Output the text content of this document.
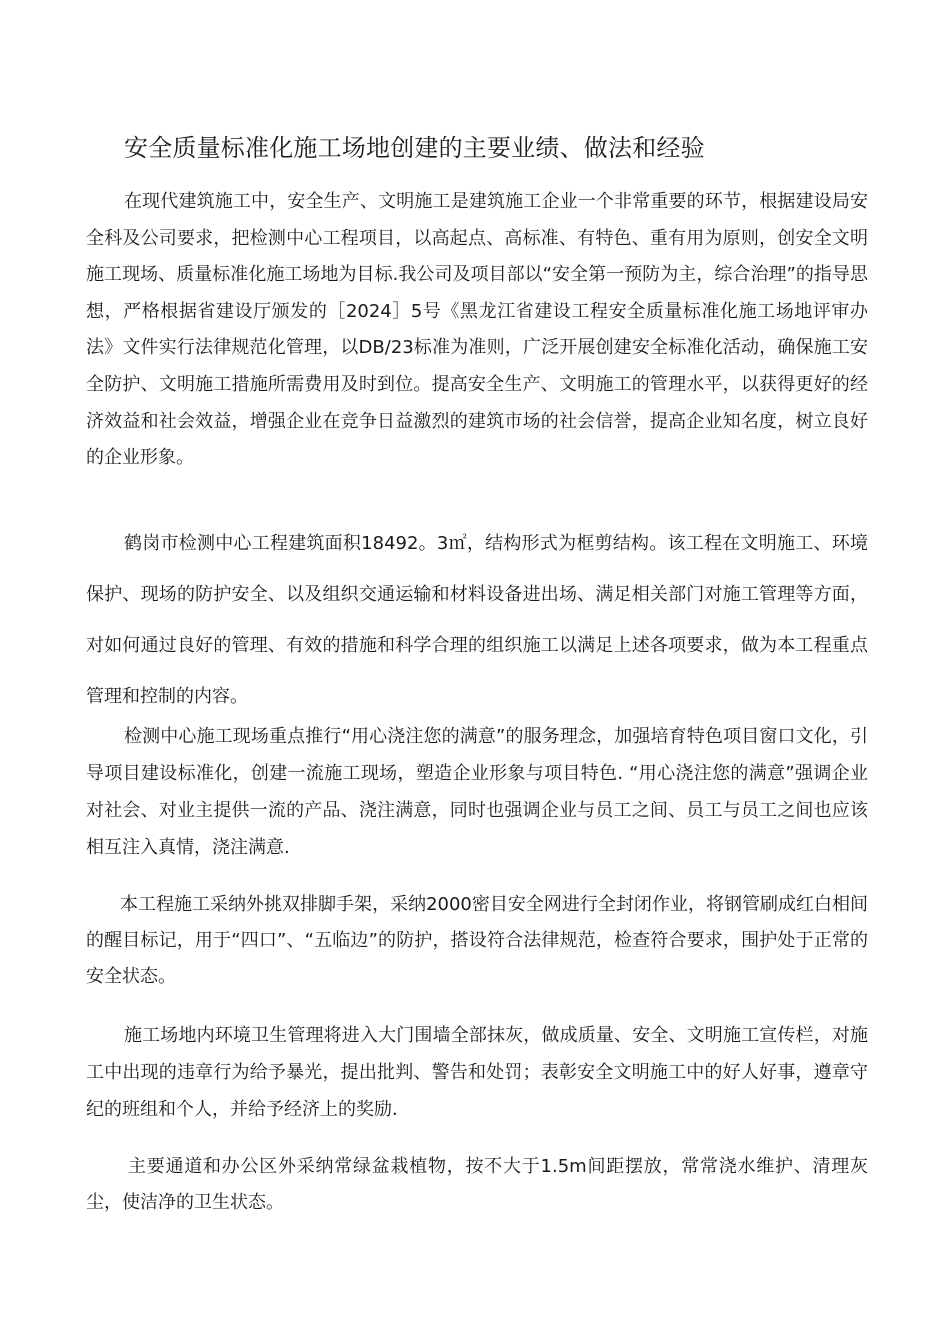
安全质量标准化施工场地创建的主要业绩、做法和经验

在现代建筑施工中，安全生产、文明施工是建筑施工企业一个非常重要的环节，根据建设局安全科及公司要求，把检测中心工程项目，以高起点、高标准、有特色、重有用为原则，创安全文明施工现场、质量标准化施工场地为目标.我公司及项目部以“安全第一预防为主，综合治理”的指导思想，严格根据省建设厅颁发的［2024］5号《黑龙江省建设工程安全质量标准化施工场地评审办法》文件实行法律规范化管理，以DB/23标准为准则，广泛开展创建安全标准化活动，确保施工安全防护、文明施工措施所需费用及时到位。提高安全生产、文明施工的管理水平，以获得更好的经济效益和社会效益，增强企业在竞争日益激烈的建筑市场的社会信誉，提高企业知名度，树立良好的企业形象。

鹤岗市检测中心工程建筑面积18492。3㎡，结构形式为框剪结构。该工程在文明施工、环境保护、现场的防护安全、以及组织交通运输和材料设备进出场、满足相关部门对施工管理等方面，对如何通过良好的管理、有效的措施和科学合理的组织施工以满足上述各项要求，做为本工程重点管理和控制的内容。

检测中心施工现场重点推行“用心浇注您的满意”的服务理念，加强培育特色项目窗口文化，引导项目建设标准化，创建一流施工现场，塑造企业形象与项目特色. “用心浇注您的满意”强调企业对社会、对业主提供一流的产品、浇注满意，同时也强调企业与员工之间、员工与员工之间也应该相互注入真情，浇注满意.

本工程施工采纳外挑双排脚手架，采纳2000密目安全网进行全封闭作业，将钢管刷成红白相间的醒目标记，用于“四口”、“五临边”的防护，搭设符合法律规范，检查符合要求，围护处于正常的安全状态。

施工场地内环境卫生管理将进入大门围墙全部抹灰，做成质量、安全、文明施工宣传栏，对施工中出现的违章行为给予暴光，提出批判、警告和处罚；表彰安全文明施工中的好人好事，遵章守纪的班组和个人，并给予经济上的奖励.

主要通道和办公区外采纳常绿盆栽植物，按不大于1.5m间距摆放，常常浇水维护、清理灰尘，使洁净的卫生状态。
